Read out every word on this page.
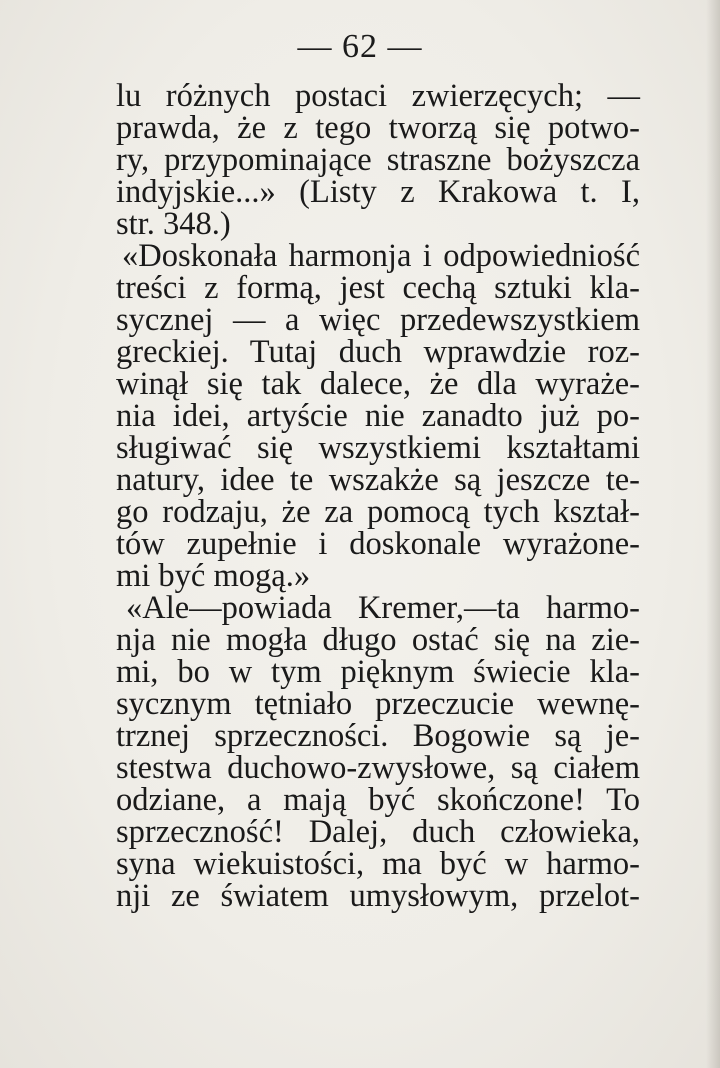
— 62 —
lu różnych postaci zwierzęcych; —
prawda, że z tego tworzą się potwo-
ry, przypominające straszne bożyszcza
indyjskie...» (Listy z Krakowa t. I,
str. 348.)
«Doskonała harmonja i odpowiedniość
treści z formą, jest cechą sztuki kla-
sycznej — a więc przedewszystkiem
greckiej. Tutaj duch wprawdzie roz-
winął się tak dalece, że dla wyraże-
nia idei, artyście nie zanadto już po-
sługiwać się wszystkiemi kształtami
natury, idee te wszakże są jeszcze te-
go rodzaju, że za pomocą tych kształ-
tów zupełnie i doskonale wyrażone-
mi być mogą.»
«Ale—powiada Kremer,—ta harmo-
nja nie mogła długo ostać się na zie-
mi, bo w tym pięknym świecie kla-
sycznym tętniało przeczucie wewnę-
trznej sprzeczności. Bogowie są je-
stestwa duchowo-zwysłowe, są ciałem
odziane, a mają być skończone! To
sprzeczność! Dalej, duch człowieka,
syna wiekuistości, ma być w harmo-
nji ze światem umysłowym, przelot-
